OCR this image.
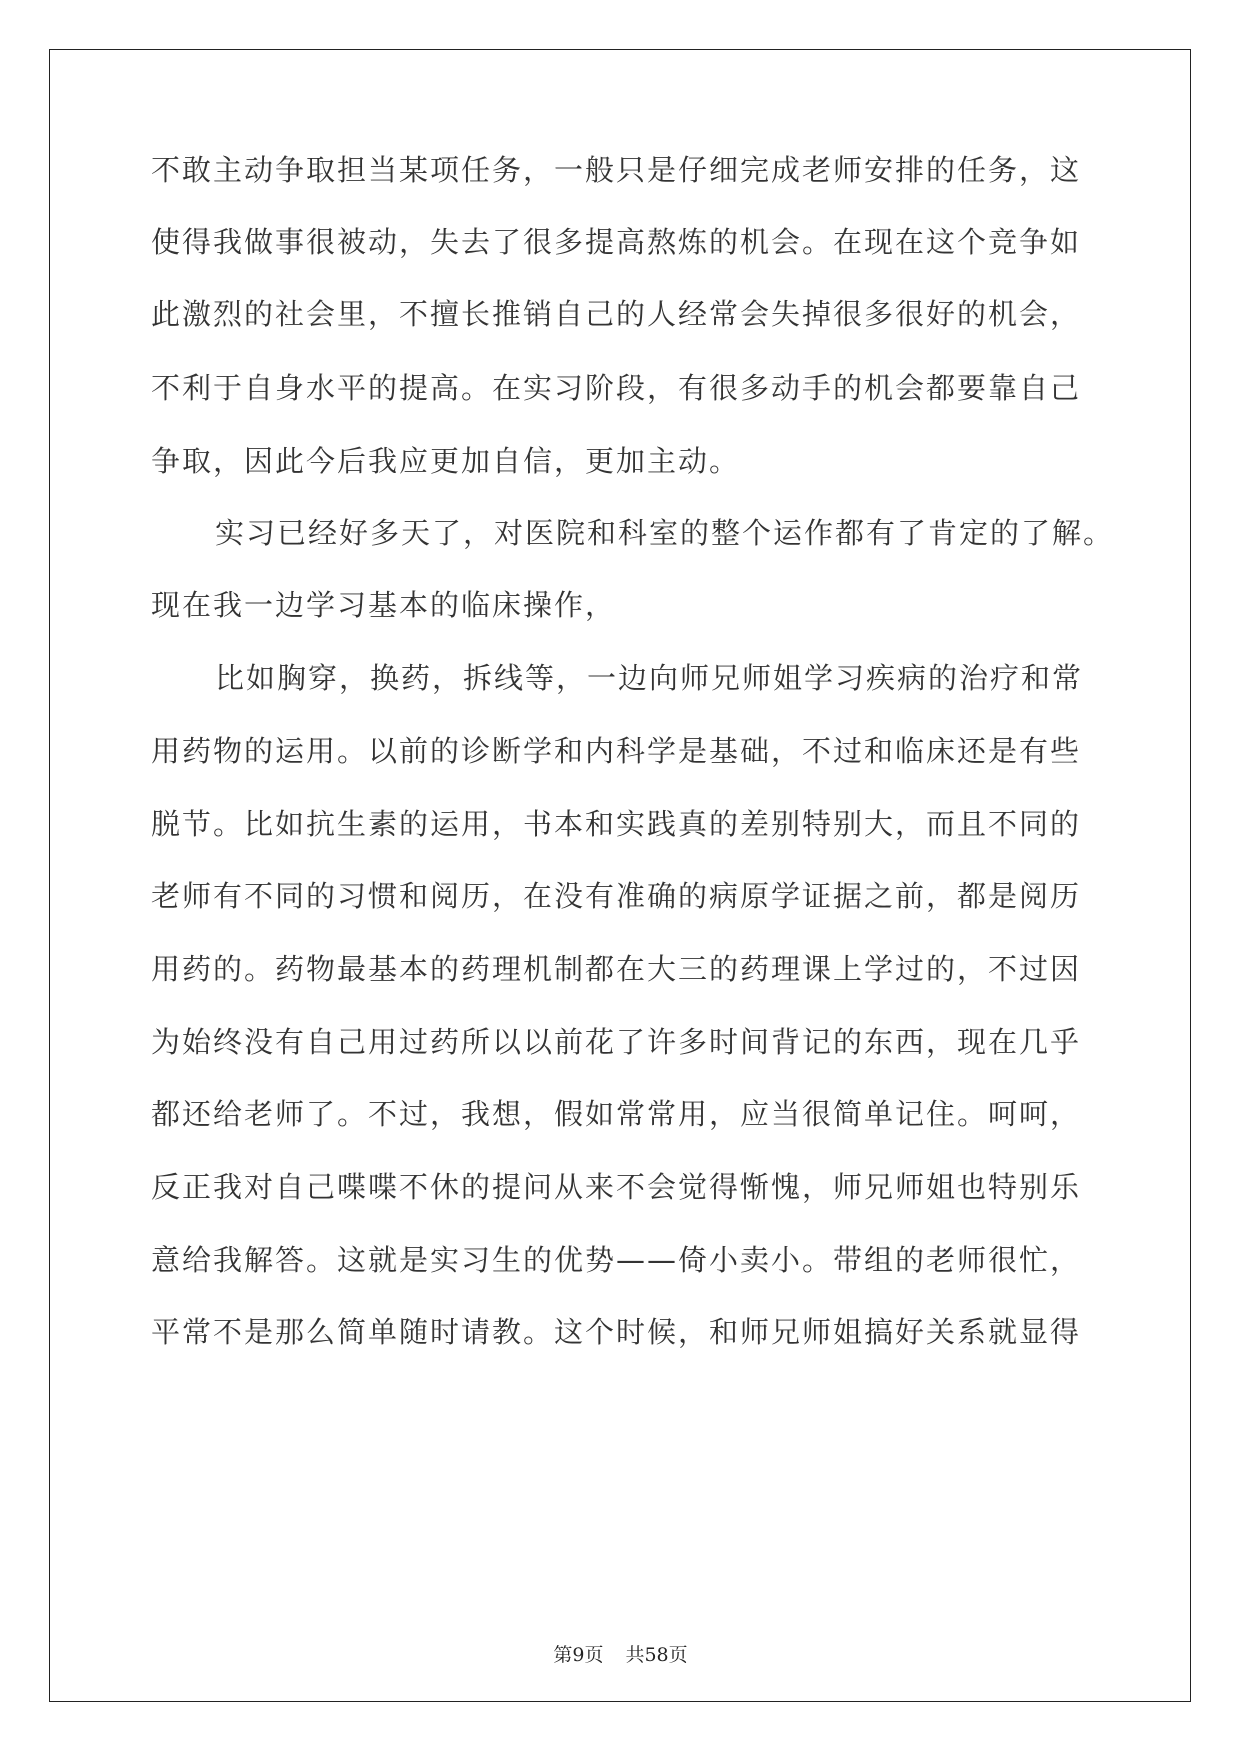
不敢主动争取担当某项任务，一般只是仔细完成老师安排的任务，这
使得我做事很被动，失去了很多提高熬炼的机会。在现在这个竞争如
此激烈的社会里，不擅长推销自己的人经常会失掉很多很好的机会，
不利于自身水平的提高。在实习阶段，有很多动手的机会都要靠自己
争取，因此今后我应更加自信，更加主动。
实习已经好多天了，对医院和科室的整个运作都有了肯定的了解。
现在我一边学习基本的临床操作，
比如胸穿，换药，拆线等，一边向师兄师姐学习疾病的治疗和常
用药物的运用。以前的诊断学和内科学是基础，不过和临床还是有些
脱节。比如抗生素的运用，书本和实践真的差别特别大，而且不同的
老师有不同的习惯和阅历，在没有准确的病原学证据之前，都是阅历
用药的。药物最基本的药理机制都在大三的药理课上学过的，不过因
为始终没有自己用过药所以以前花了许多时间背记的东西，现在几乎
都还给老师了。不过，我想，假如常常用，应当很简单记住。呵呵，
反正我对自己喋喋不休的提问从来不会觉得惭愧，师兄师姐也特别乐
意给我解答。这就是实习生的优势——倚小卖小。带组的老师很忙，
平常不是那么简单随时请教。这个时候，和师兄师姐搞好关系就显得
第9页 共58页
